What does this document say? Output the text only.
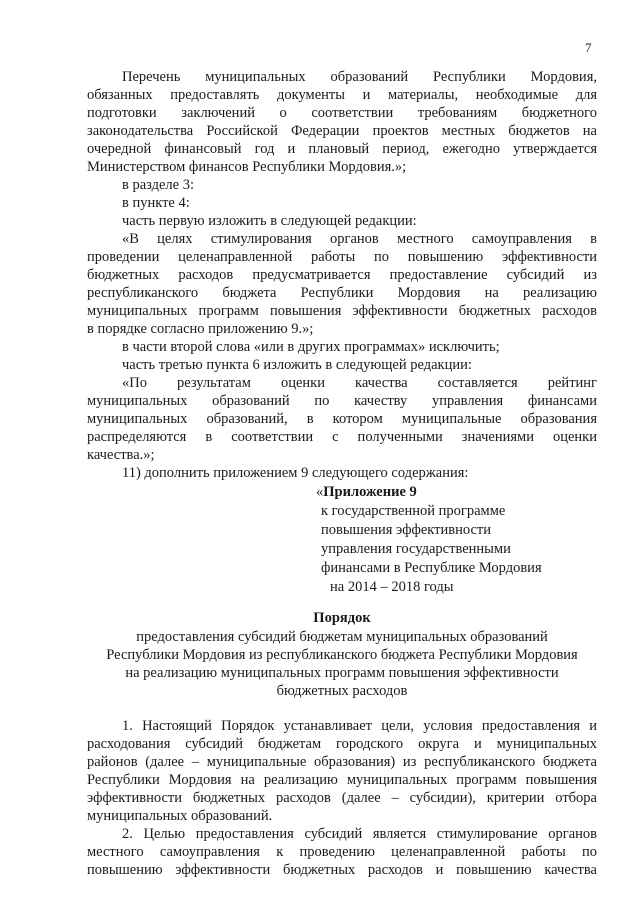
7
Перечень муниципальных образований Республики Мордовия,
обязанных предоставлять документы и материалы, необходимые для
подготовки заключений о соответствии требованиям бюджетного
законодательства Российской Федерации проектов местных бюджетов на
очередной финансовый год и плановый период, ежегодно утверждается
Министерством финансов Республики Мордовия.»;
в разделе 3:
в пункте 4:
часть первую изложить в следующей редакции:
«В целях стимулирования органов местного самоуправления в
проведении целенаправленной работы по повышению эффективности
бюджетных расходов предусматривается предоставление субсидий из
республиканского бюджета Республики Мордовия на реализацию
муниципальных программ повышения эффективности бюджетных расходов
в порядке согласно приложению 9.»;
в части второй слова «или в других программах» исключить;
часть третью пункта 6 изложить в следующей редакции:
«По результатам оценки качества составляется рейтинг
муниципальных образований по качеству управления финансами
муниципальных образований, в котором муниципальные образования
распределяются в соответствии с полученными значениями оценки
качества.»;
11) дополнить приложением 9 следующего содержания:
«Приложение 9
к государственной программе
повышения эффективности
управления государственными
финансами в Республике Мордовия
на 2014 – 2018 годы
Порядок
предоставления субсидий бюджетам муниципальных образований
Республики Мордовия из республиканского бюджета Республики Мордовия
на реализацию муниципальных программ повышения эффективности
бюджетных расходов
1. Настоящий Порядок устанавливает цели, условия предоставления и
расходования субсидий бюджетам городского округа и муниципальных
районов (далее – муниципальные образования) из республиканского бюджета
Республики Мордовия на реализацию муниципальных программ повышения
эффективности бюджетных расходов (далее – субсидии), критерии отбора
муниципальных образований.
2. Целью предоставления субсидий является стимулирование органов
местного самоуправления к проведению целенаправленной работы по
повышению эффективности бюджетных расходов и повышению качества
